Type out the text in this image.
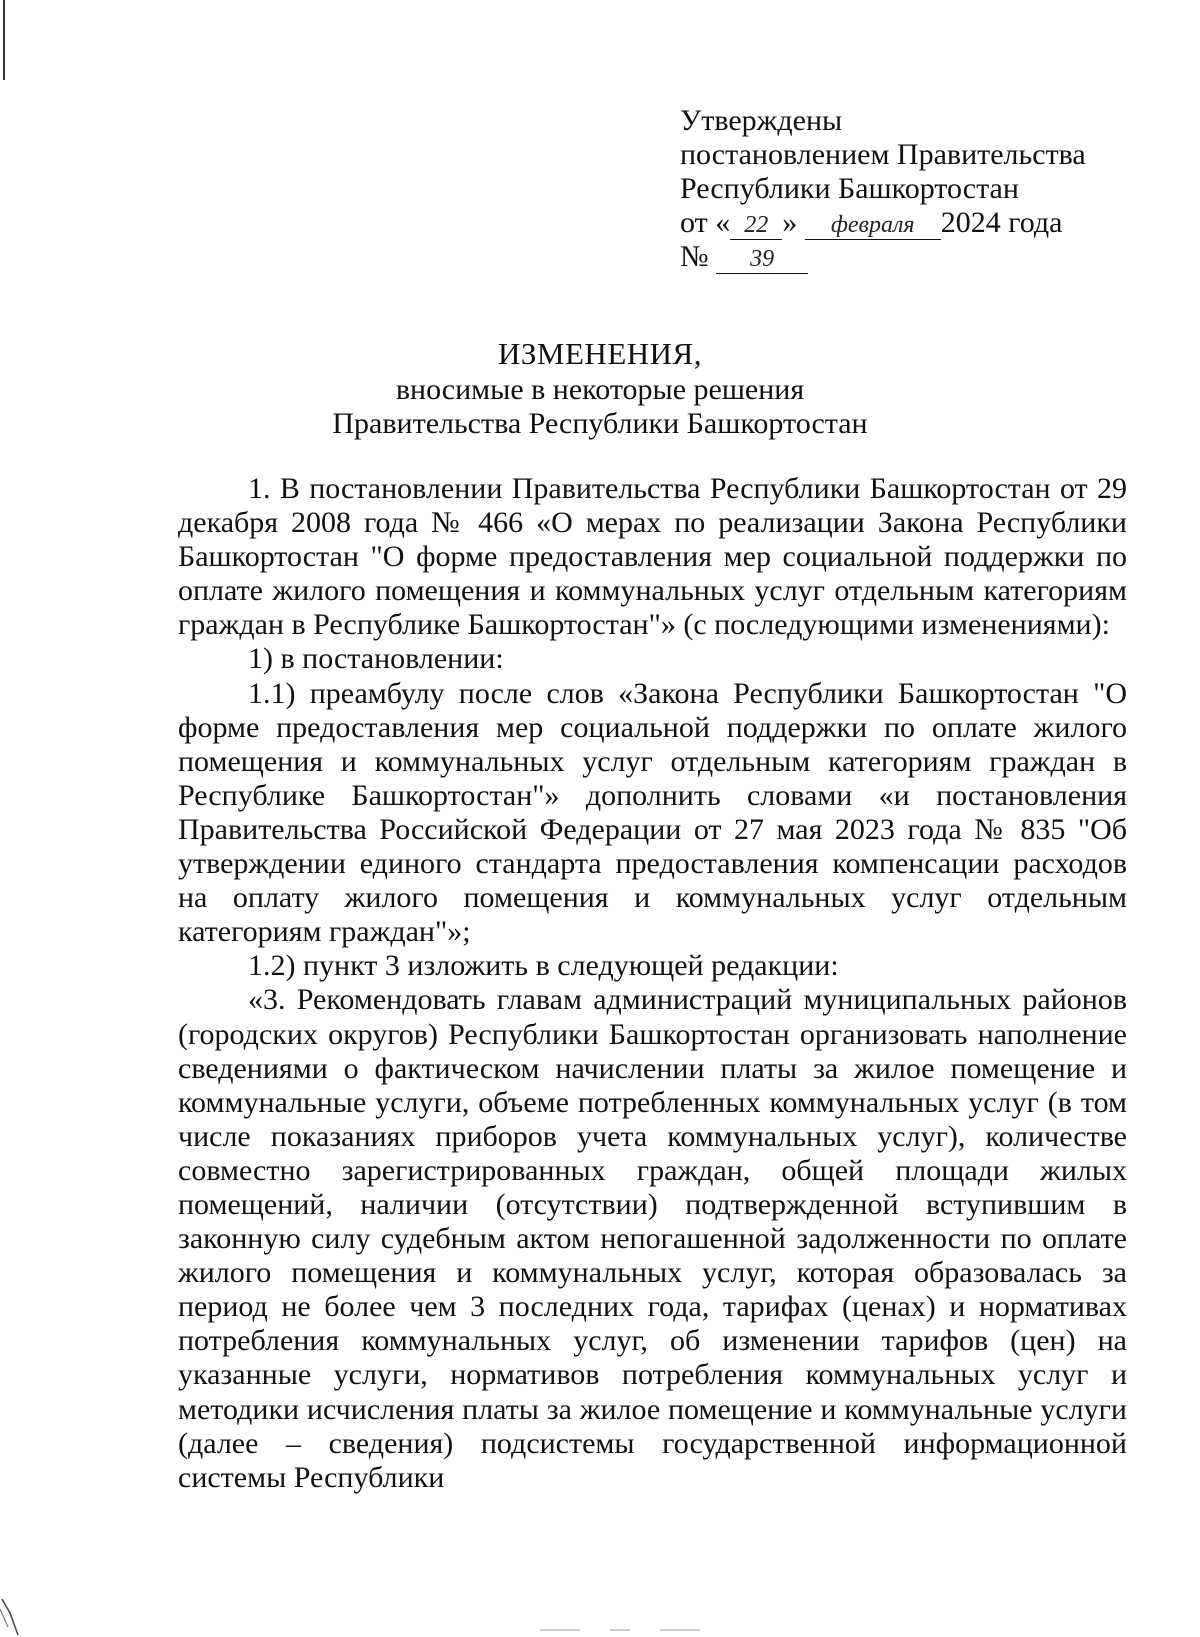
Утверждены
постановлением Правительства
Республики Башкортостан
от « 22 » февраля 2024 года
№ 39
ИЗМЕНЕНИЯ,
вносимые в некоторые решения
Правительства Республики Башкортостан

1. В постановлении Правительства Республики Башкортостан от 29 декабря 2008 года № 466 «О мерах по реализации Закона Республики Башкортостан "О форме предоставления мер социальной поддержки по оплате жилого помещения и коммунальных услуг отдельным категориям граждан в Республике Башкортостан"» (с последующими изменениями):

1) в постановлении:

1.1) преамбулу после слов «Закона Республики Башкортостан "О форме предоставления мер социальной поддержки по оплате жилого помещения и коммунальных услуг отдельным категориям граждан в Республике Башкортостан"» дополнить словами «и постановления Правительства Российской Федерации от 27 мая 2023 года № 835 "Об утверждении единого стандарта предоставления компенсации расходов на оплату жилого помещения и коммунальных услуг отдельным категориям граждан"»;

1.2) пункт 3 изложить в следующей редакции:

«3. Рекомендовать главам администраций муниципальных районов (городских округов) Республики Башкортостан организовать наполнение сведениями о фактическом начислении платы за жилое помещение и коммунальные услуги, объеме потребленных коммунальных услуг (в том числе показаниях приборов учета коммунальных услуг), количестве совместно зарегистрированных граждан, общей площади жилых помещений, наличии (отсутствии) подтвержденной вступившим в законную силу судебным актом непогашенной задолженности по оплате жилого помещения и коммунальных услуг, которая образовалась за период не более чем 3 последних года, тарифах (ценах) и нормативах потребления коммунальных услуг, об изменении тарифов (цен) на указанные услуги, нормативов потребления коммунальных услуг и методики исчисления платы за жилое помещение и коммунальные услуги (далее – сведения) подсистемы государственной информационной системы Республики
